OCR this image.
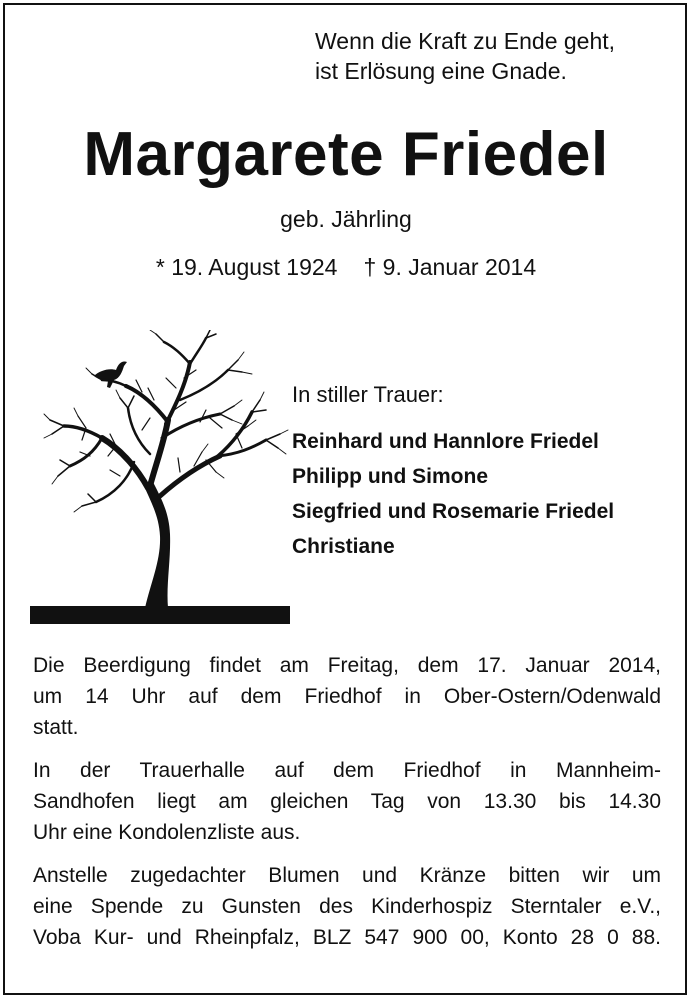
Wenn die Kraft zu Ende geht,
ist Erlösung eine Gnade.
Margarete Friedel
geb. Jährling
* 19. August 1924 † 9. Januar 2014
In stiller Trauer:
Reinhard und Hannlore Friedel
Philipp und Simone
Siegfried und Rosemarie Friedel
Christiane
Die Beerdigung findet am Freitag, dem 17. Januar 2014,
um 14 Uhr auf dem Friedhof in Ober-Ostern/Odenwald
statt.
In der Trauerhalle auf dem Friedhof in Mannheim-
Sandhofen liegt am gleichen Tag von 13.30 bis 14.30
Uhr eine Kondolenzliste aus.
Anstelle zugedachter Blumen und Kränze bitten wir um
eine Spende zu Gunsten des Kinderhospiz Sterntaler e.V.,
Voba Kur- und Rheinpfalz, BLZ 547 900 00, Konto 28 0 88.
